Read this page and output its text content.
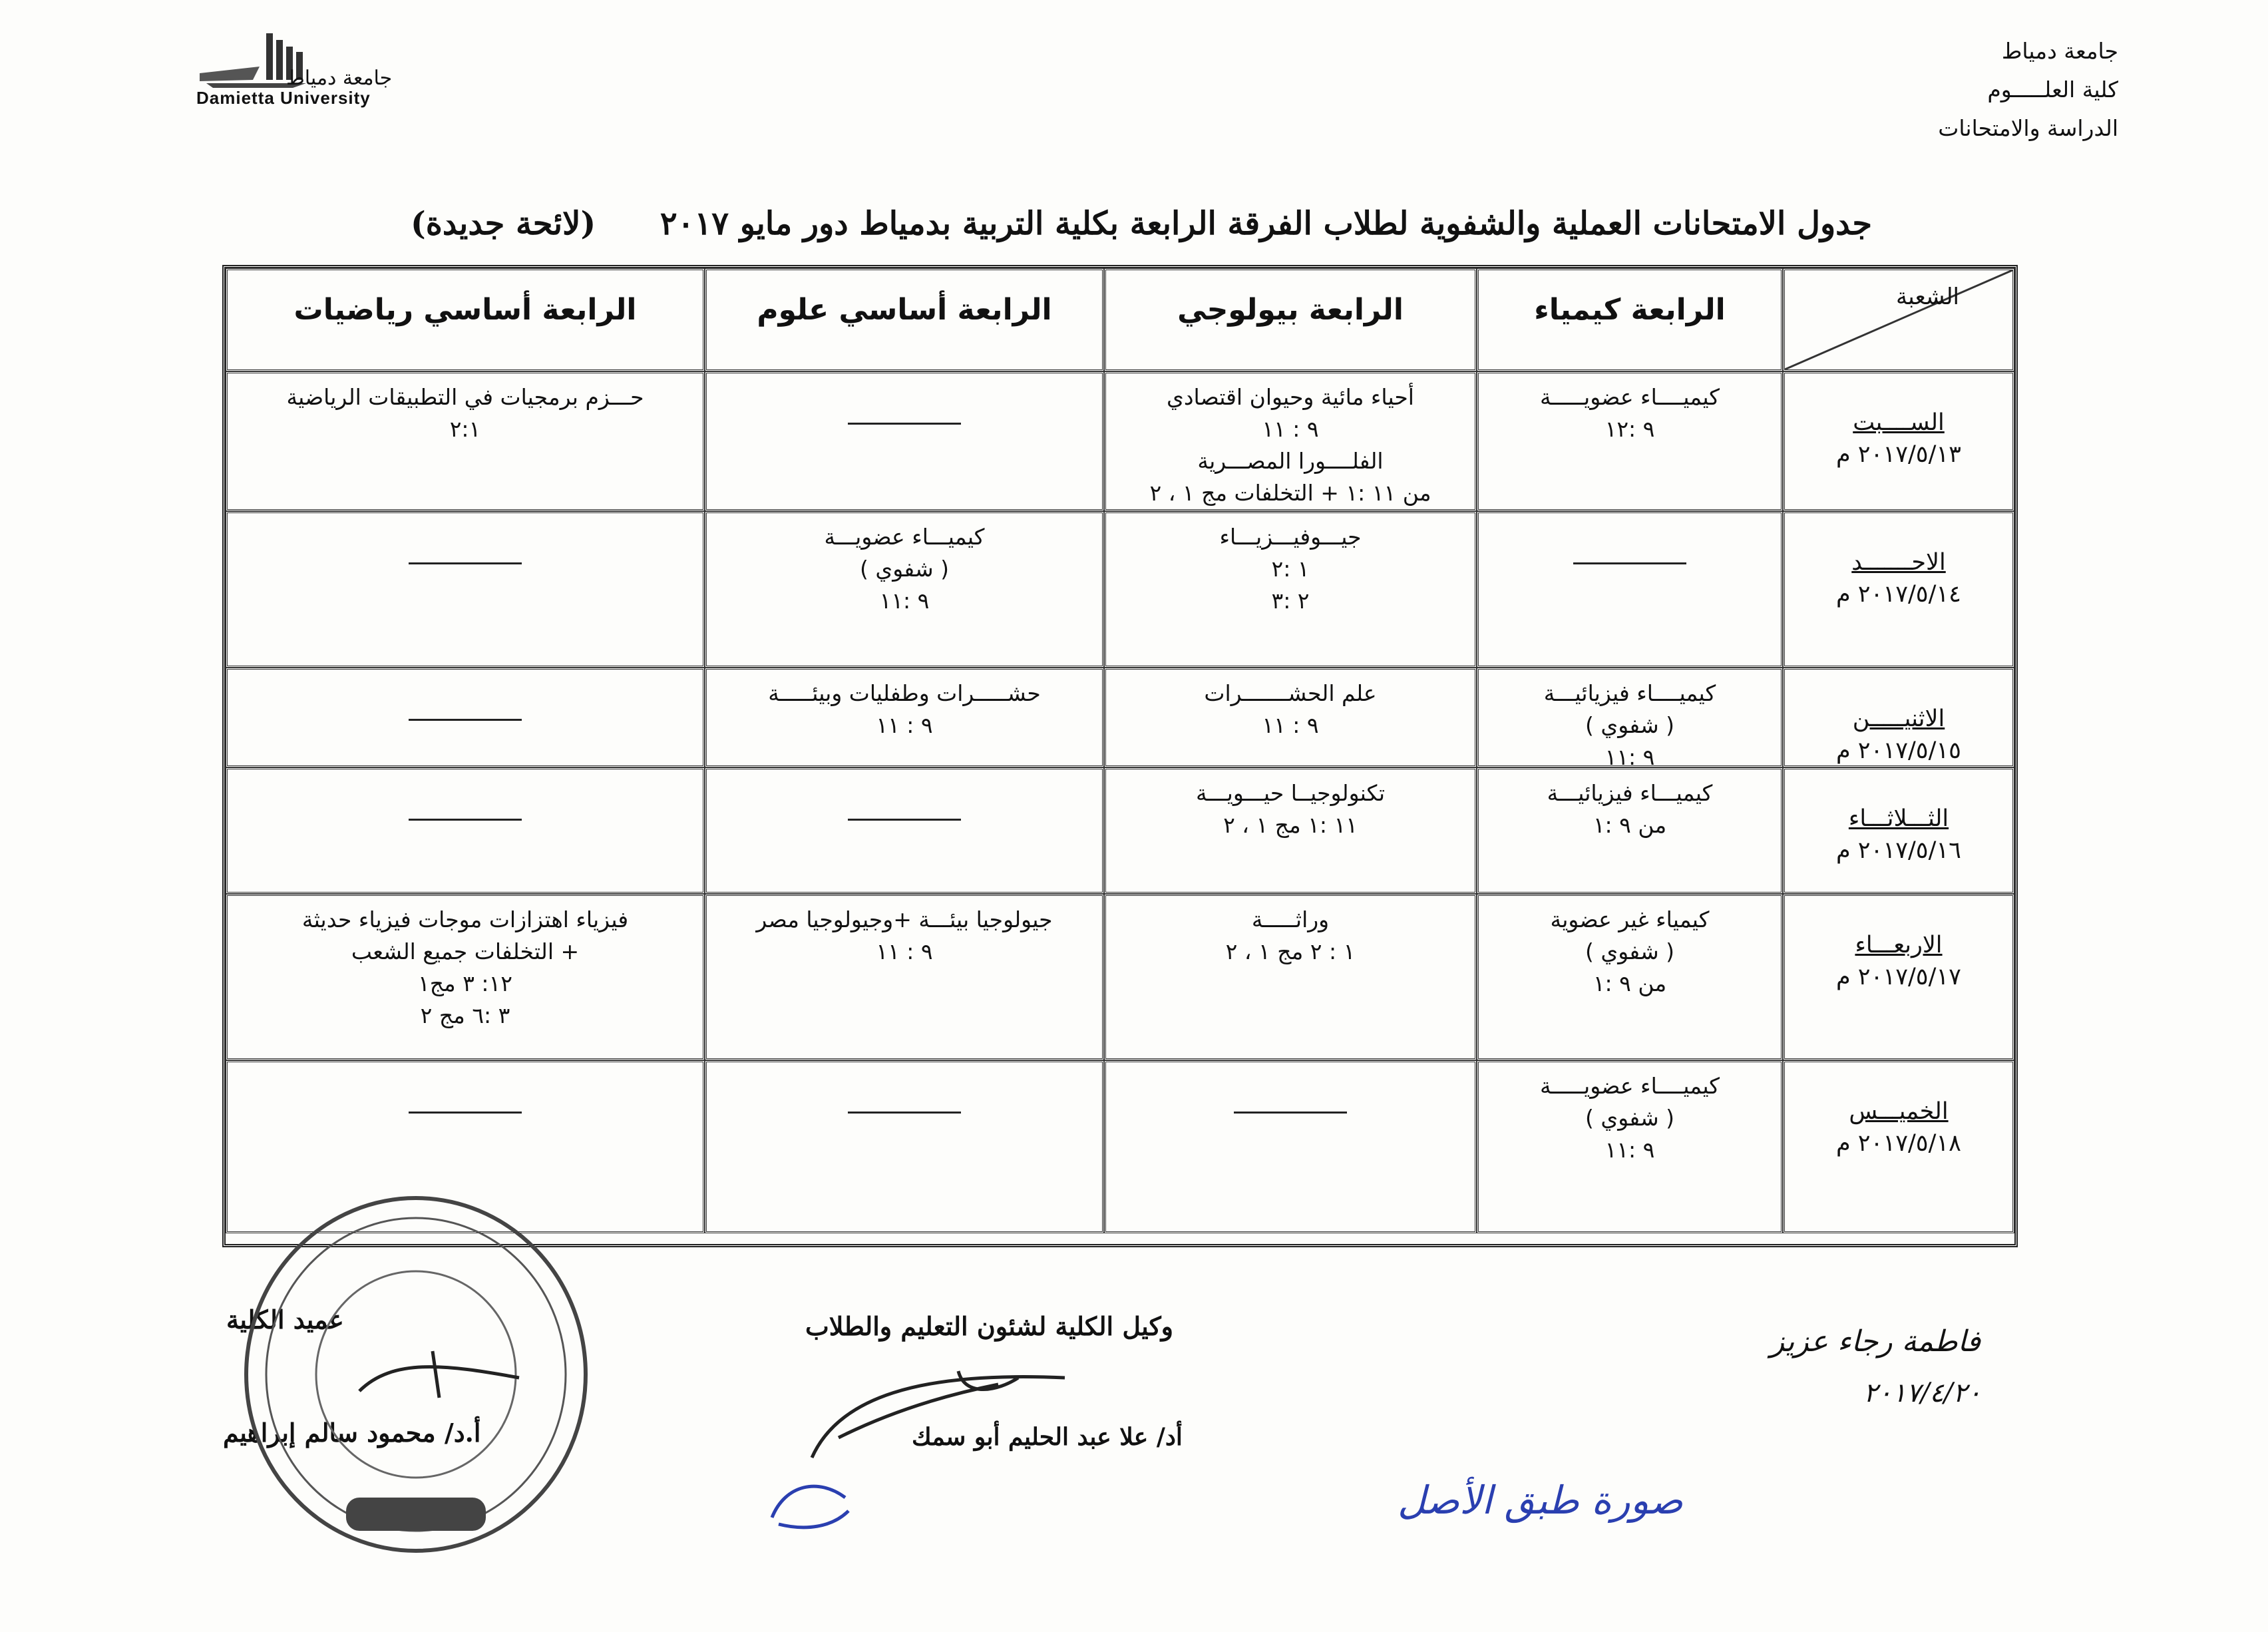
جامعة دمياط
Damietta University
جامعة دمياط
كلية العلـــــوم
الدراسة والامتحانات
جدول الامتحانات العملية والشفوية لطلاب الفرقة الرابعة بكلية التربية بدمياط دور مايو ٢٠١٧ (لائحة جديدة)
الشعبة
الرابعة كيمياء
الرابعة بيولوجي
الرابعة أساسي علوم
الرابعة أساسي رياضيات
الســــبت
٢٠١٧/٥/١٣ م
كيميــــاء عضويـــــة
٩ :١٢
أحياء مائية وحيوان اقتصادي
٩ : ١١
الفلــــورا المصـــرية
من ١١ :١ + التخلفات مج ١ ، ٢
حـــزم برمجيات في التطبيقات الرياضية
٢:١
الاحـــــــد
٢٠١٧/٥/١٤ م
جيـــوفيـــزيـــاء
١ :٢
٢ :٣
كيميـــاء عضويـــة
( شفوي )
٩ :١١
الاثنيـــــن
٢٠١٧/٥/١٥ م
كيميــــاء فيزيائيـــة
( شفوي )
٩ :١١
علم الحشـــــــرات
٩ : ١١
حشـــــرات وطفليات وبيئـــــة
٩ : ١١
الثـــلاثـــاء
٢٠١٧/٥/١٦ م
كيميـــاء فيزيائيـــة
من ٩ :١
تكنولوجيــا حيـــويـــة
١١ :١ مج ١ ، ٢
الاربعـــاء
٢٠١٧/٥/١٧ م
كيمياء غير عضوية
( شفوي )
من ٩ :١
وراثـــــة
١ : ٢ مج ١ ، ٢
جيولوجيا بيئـــة +وجيولوجيا مصر
٩ : ١١
فيزياء اهتزازات موجات فيزياء حديثة
+ التخلفات جميع الشعب
١٢: ٣ مج١
٣ :٦ مج ٢
الخميـــس
٢٠١٧/٥/١٨ م
كيميــــاء عضويـــــة
( شفوي )
٩ :١١
عميد الكلية
أ.د/ محمود سالم إبراهيم
وكيل الكلية لشئون التعليم والطلاب
أد/ علا عبد الحليم أبو سمك
فاطمة رجاء عزيز
٢٠١٧/٤/٢٠
صورة طبق الأصل
